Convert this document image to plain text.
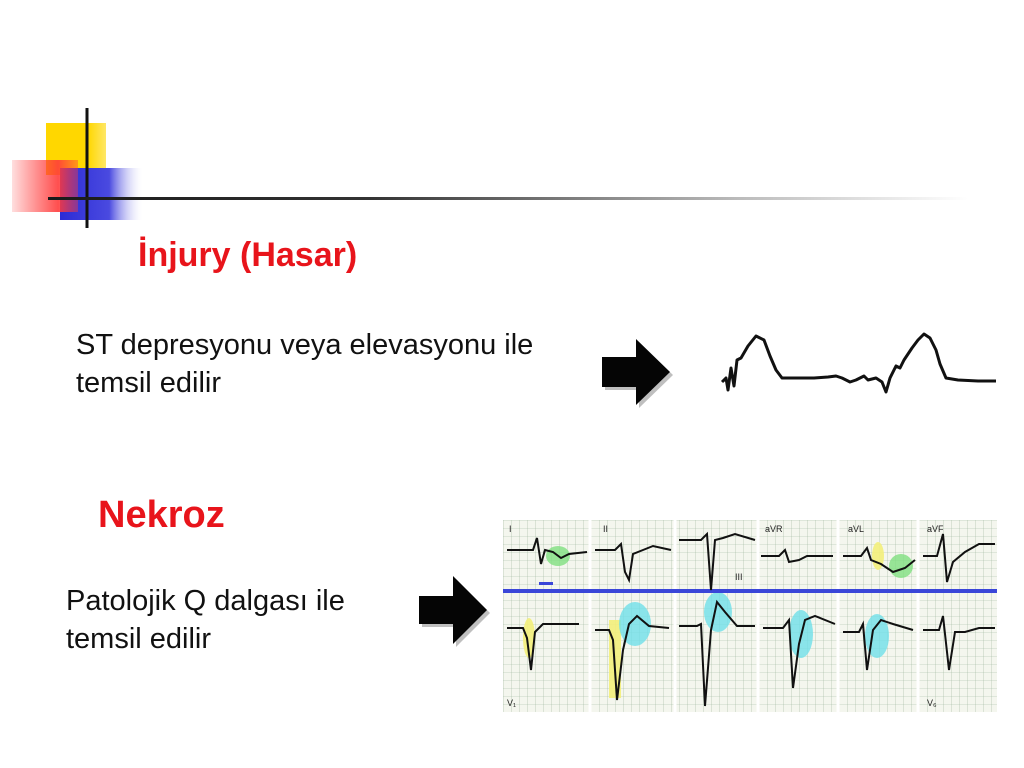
İnjury (Hasar)

ST depresyonu veya elevasyonu ile temsil edilir

Nekroz

Patolojik Q dalgası ile temsil edilir

I	II	aVR	aVL	aVF
III
V₁	V₆
